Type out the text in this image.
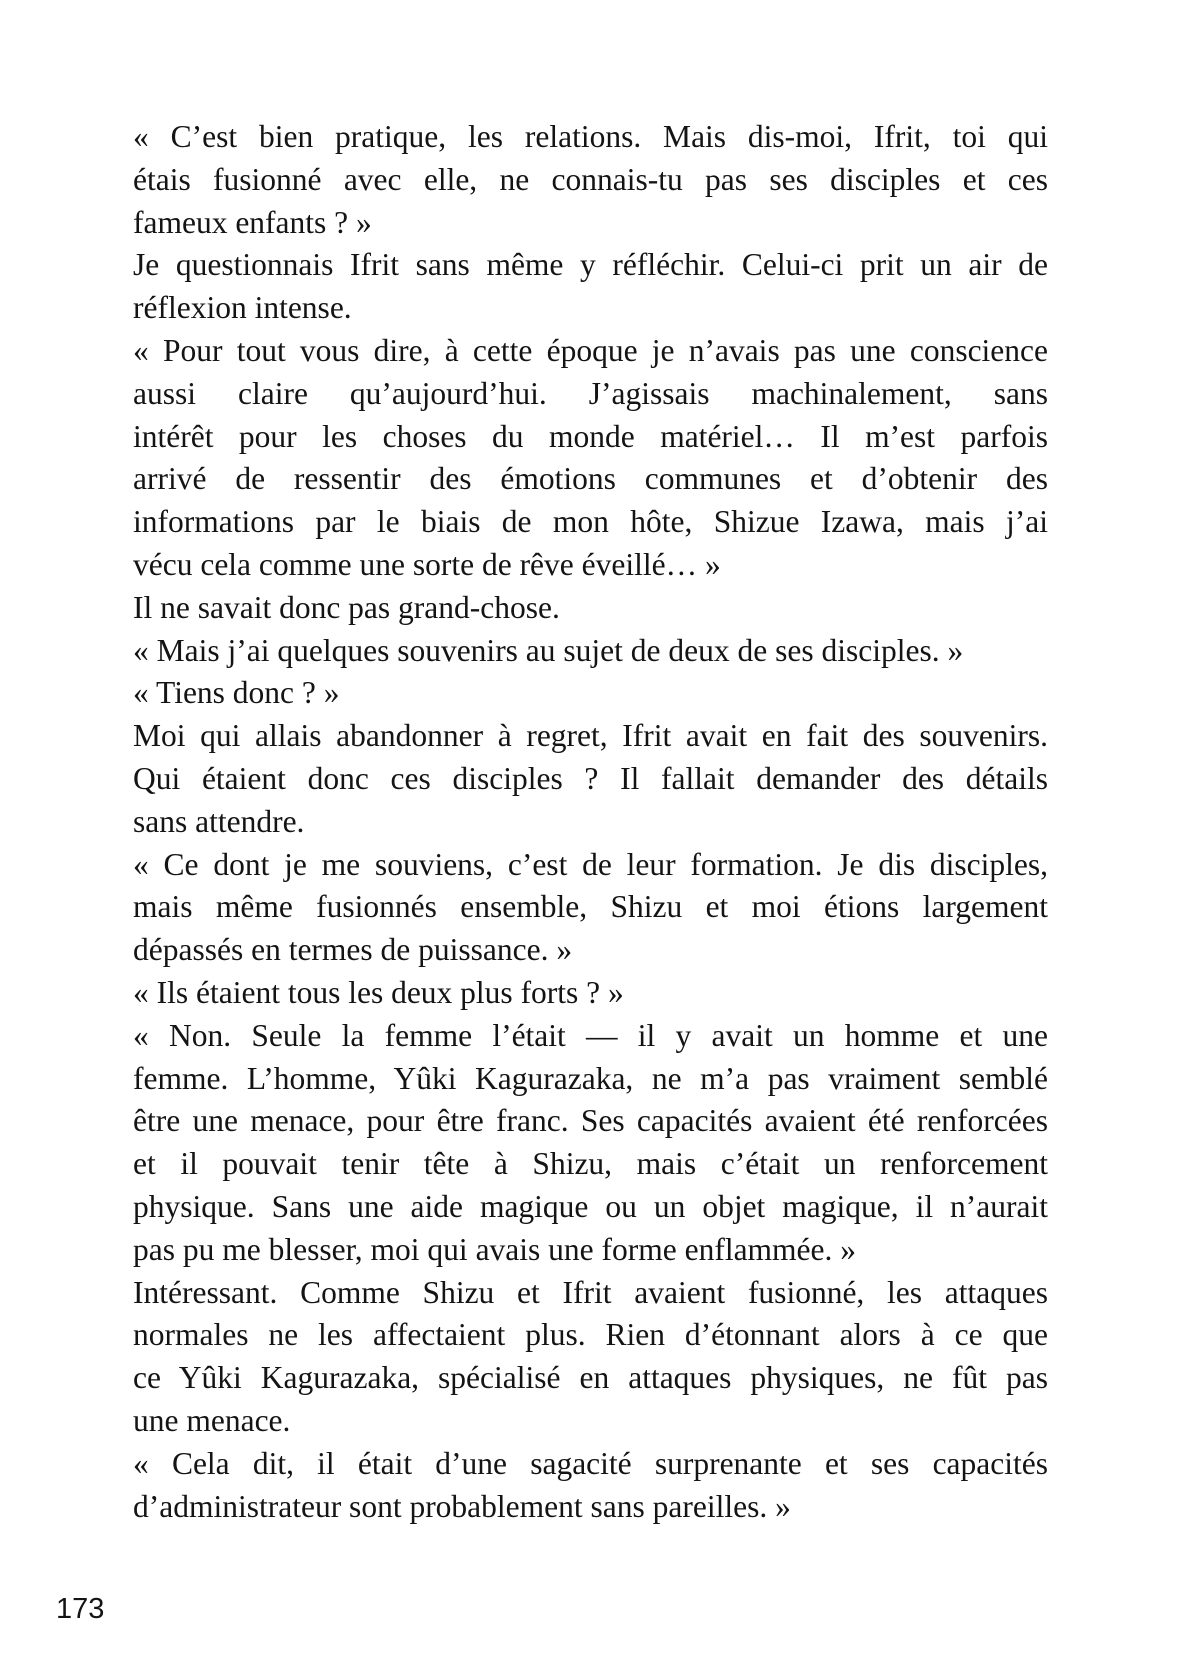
« C’est bien pratique, les relations. Mais dis-moi, Ifrit, toi qui
étais fusionné avec elle, ne connais-tu pas ses disciples et ces
fameux enfants ? »

Je questionnais Ifrit sans même y réfléchir. Celui-ci prit un air de
réflexion intense.

« Pour tout vous dire, à cette époque je n’avais pas une conscience
aussi claire qu’aujourd’hui. J’agissais machinalement, sans
intérêt pour les choses du monde matériel… Il m’est parfois
arrivé de ressentir des émotions communes et d’obtenir des
informations par le biais de mon hôte, Shizue Izawa, mais j’ai
vécu cela comme une sorte de rêve éveillé… »

Il ne savait donc pas grand-chose.

« Mais j’ai quelques souvenirs au sujet de deux de ses disciples. »

« Tiens donc ? »

Moi qui allais abandonner à regret, Ifrit avait en fait des souvenirs.
Qui étaient donc ces disciples ? Il fallait demander des détails
sans attendre.

« Ce dont je me souviens, c’est de leur formation. Je dis disciples,
mais même fusionnés ensemble, Shizu et moi étions largement
dépassés en termes de puissance. »

« Ils étaient tous les deux plus forts ? »

« Non. Seule la femme l’était — il y avait un homme et une
femme. L’homme, Yûki Kagurazaka, ne m’a pas vraiment semblé
être une menace, pour être franc. Ses capacités avaient été renforcées
et il pouvait tenir tête à Shizu, mais c’était un renforcement
physique. Sans une aide magique ou un objet magique, il n’aurait
pas pu me blesser, moi qui avais une forme enflammée. »

Intéressant. Comme Shizu et Ifrit avaient fusionné, les attaques
normales ne les affectaient plus. Rien d’étonnant alors à ce que
ce Yûki Kagurazaka, spécialisé en attaques physiques, ne fût pas
une menace.

« Cela dit, il était d’une sagacité surprenante et ses capacités
d’administrateur sont probablement sans pareilles. »

173
